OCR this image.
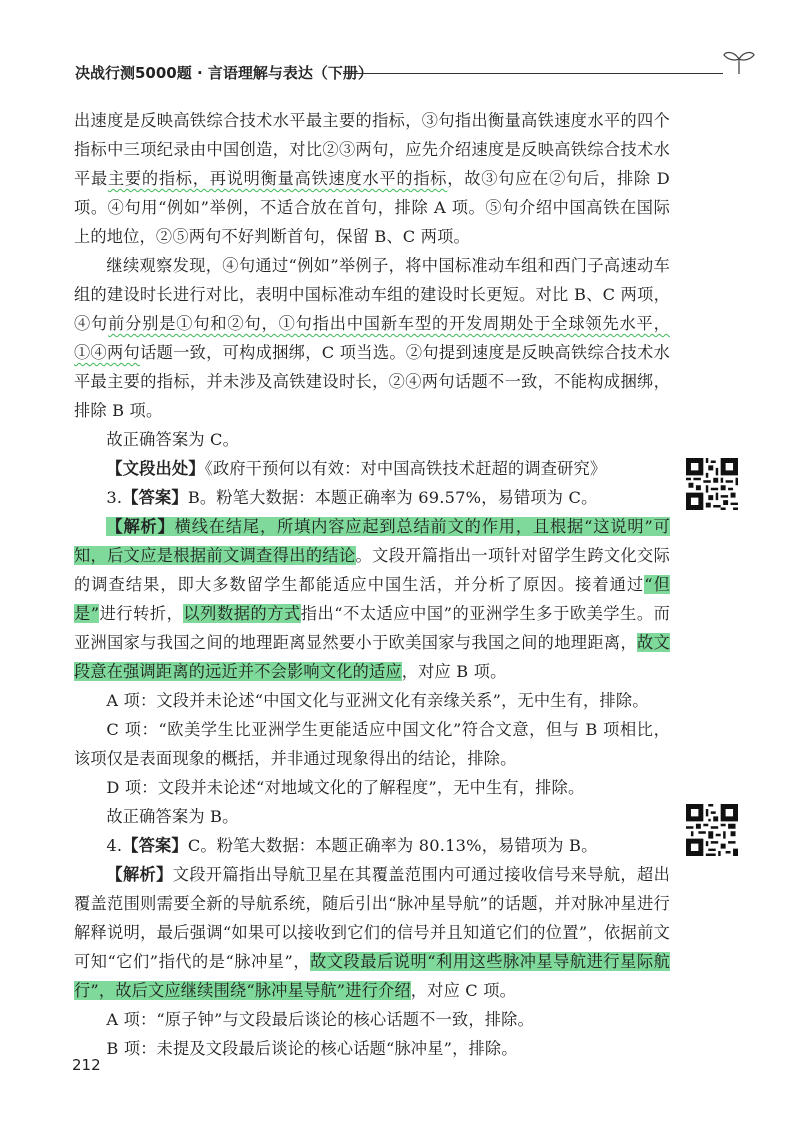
决战行测5000题 · 言语理解与表达（下册）

出速度是反映高铁综合技术水平最主要的指标，③句指出衡量高铁速度水平的四个指标中三项纪录由中国创造，对比②③两句，应先介绍速度是反映高铁综合技术水平最主要的指标，再说明衡量高铁速度水平的指标，故③句应在②句后，排除 D 项。④句用“例如”举例，不适合放在首句，排除 A 项。⑤句介绍中国高铁在国际上的地位，②⑤两句不好判断首句，保留 B、C 两项。

继续观察发现，④句通过“例如”举例子，将中国标准动车组和西门子高速动车组的建设时长进行对比，表明中国标准动车组的建设时长更短。对比 B、C 两项，④句前分别是①句和②句，①句指出中国新车型的开发周期处于全球领先水平，①④两句话题一致，可构成捆绑，C 项当选。②句提到速度是反映高铁综合技术水平最主要的指标，并未涉及高铁建设时长，②④两句话题不一致，不能构成捆绑，排除 B 项。

故正确答案为 C。

【文段出处】《政府干预何以有效：对中国高铁技术赶超的调查研究》

3.【答案】B。粉笔大数据：本题正确率为 69.57%，易错项为 C。

【解析】横线在结尾，所填内容应起到总结前文的作用，且根据“这说明”可知，后文应是根据前文调查得出的结论。文段开篇指出一项针对留学生跨文化交际的调查结果，即大多数留学生都能适应中国生活，并分析了原因。接着通过“但是”进行转折，以列数据的方式指出“不太适应中国”的亚洲学生多于欧美学生。而亚洲国家与我国之间的地理距离显然要小于欧美国家与我国之间的地理距离，故文段意在强调距离的远近并不会影响文化的适应，对应 B 项。

A 项：文段并未论述“中国文化与亚洲文化有亲缘关系”，无中生有，排除。

C 项：“欧美学生比亚洲学生更能适应中国文化”符合文意，但与 B 项相比，该项仅是表面现象的概括，并非通过现象得出的结论，排除。

D 项：文段并未论述“对地域文化的了解程度”，无中生有，排除。

故正确答案为 B。

4.【答案】C。粉笔大数据：本题正确率为 80.13%，易错项为 B。

【解析】文段开篇指出导航卫星在其覆盖范围内可通过接收信号来导航，超出覆盖范围则需要全新的导航系统，随后引出“脉冲星导航”的话题，并对脉冲星进行解释说明，最后强调“如果可以接收到它们的信号并且知道它们的位置”，依据前文可知“它们”指代的是“脉冲星”，故文段最后说明“利用这些脉冲星导航进行星际航行”，故后文应继续围绕“脉冲星导航”进行介绍，对应 C 项。

A 项：“原子钟”与文段最后谈论的核心话题不一致，排除。

B 项：未提及文段最后谈论的核心话题“脉冲星”，排除。

212
